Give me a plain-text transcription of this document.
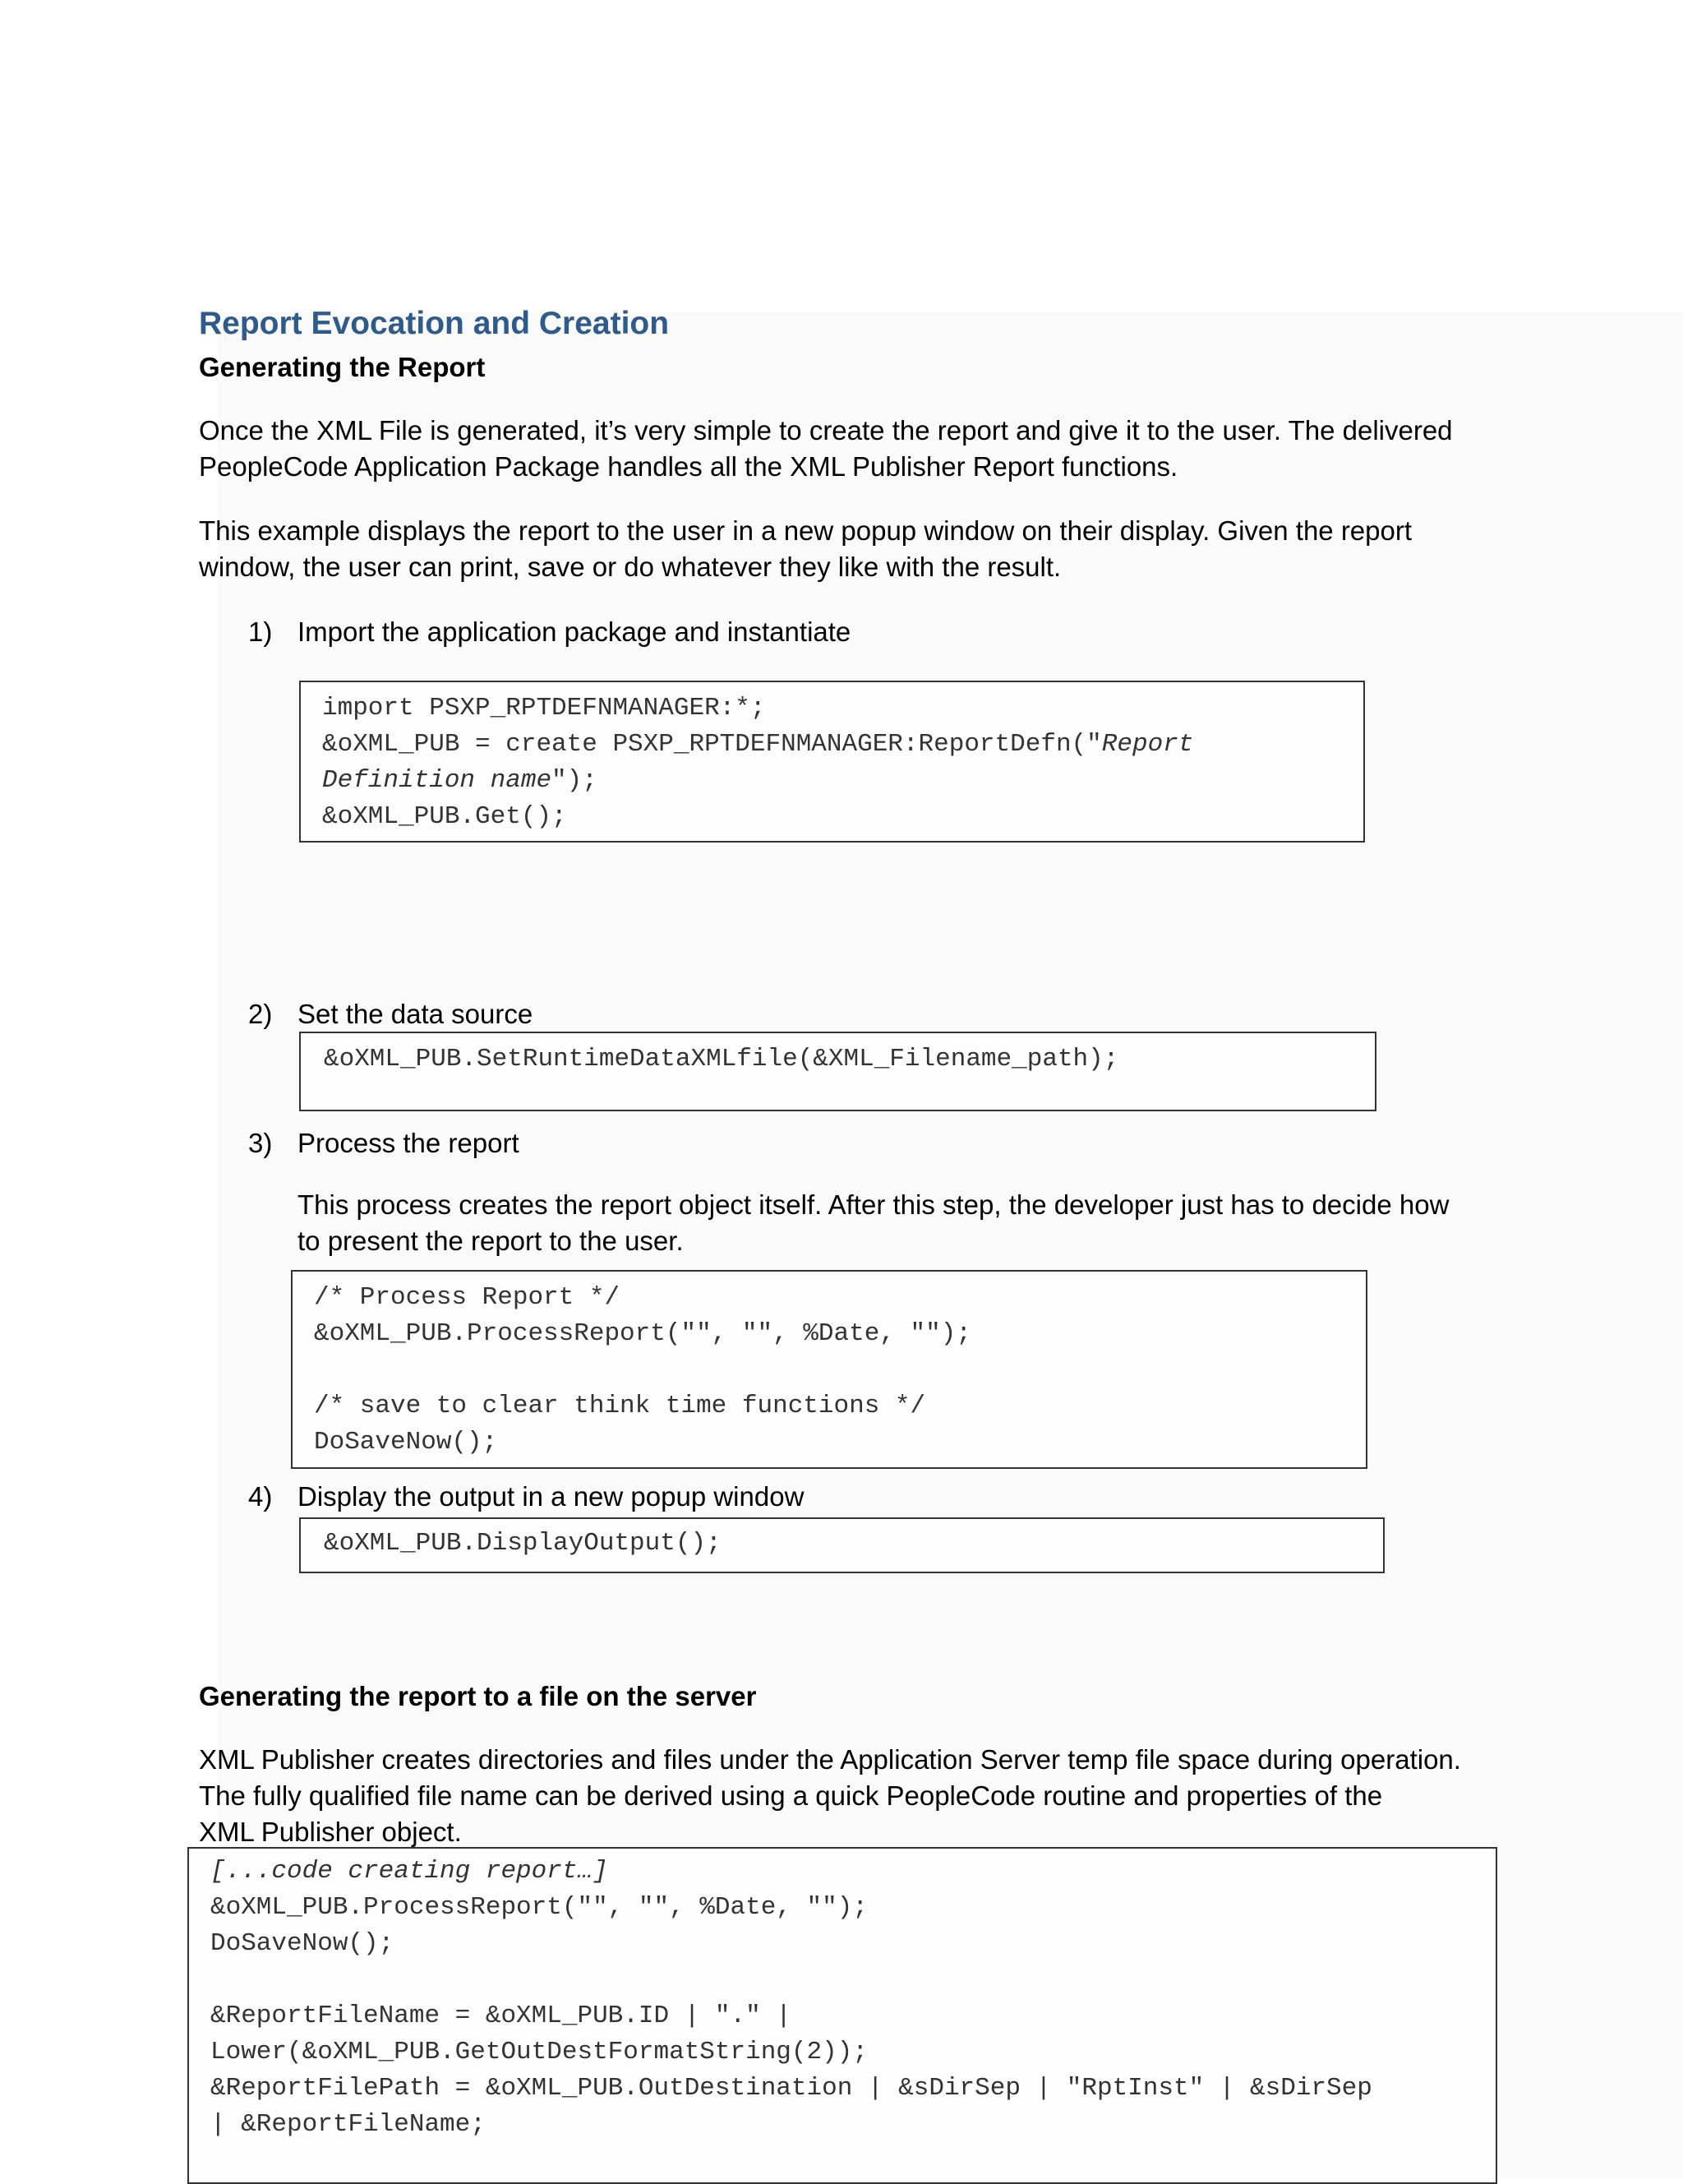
Report Evocation and Creation
Generating the Report
Once the XML File is generated, it’s very simple to create the report and give it to the user. The delivered
PeopleCode Application Package handles all the XML Publisher Report functions.
This example displays the report to the user in a new popup window on their display. Given the report
window, the user can print, save or do whatever they like with the result.
1) Import the application package and instantiate
import PSXP_RPTDEFNMANAGER:*;
&oXML_PUB = create PSXP_RPTDEFNMANAGER:ReportDefn("Report
Definition name");
&oXML_PUB.Get();
2) Set the data source
&oXML_PUB.SetRuntimeDataXMLfile(&XML_Filename_path);
3) Process the report
This process creates the report object itself. After this step, the developer just has to decide how
to present the report to the user.
/* Process Report */
&oXML_PUB.ProcessReport("", "", %Date, "");

/* save to clear think time functions */
DoSaveNow();
4) Display the output in a new popup window
&oXML_PUB.DisplayOutput();
Generating the report to a file on the server
XML Publisher creates directories and files under the Application Server temp file space during operation.
The fully qualified file name can be derived using a quick PeopleCode routine and properties of the
XML Publisher object.
[...code creating report…]
&oXML_PUB.ProcessReport("", "", %Date, "");
DoSaveNow();

&ReportFileName = &oXML_PUB.ID | "." |
Lower(&oXML_PUB.GetOutDestFormatString(2));
&ReportFilePath = &oXML_PUB.OutDestination | &sDirSep | "RptInst" | &sDirSep
| &ReportFileName;
